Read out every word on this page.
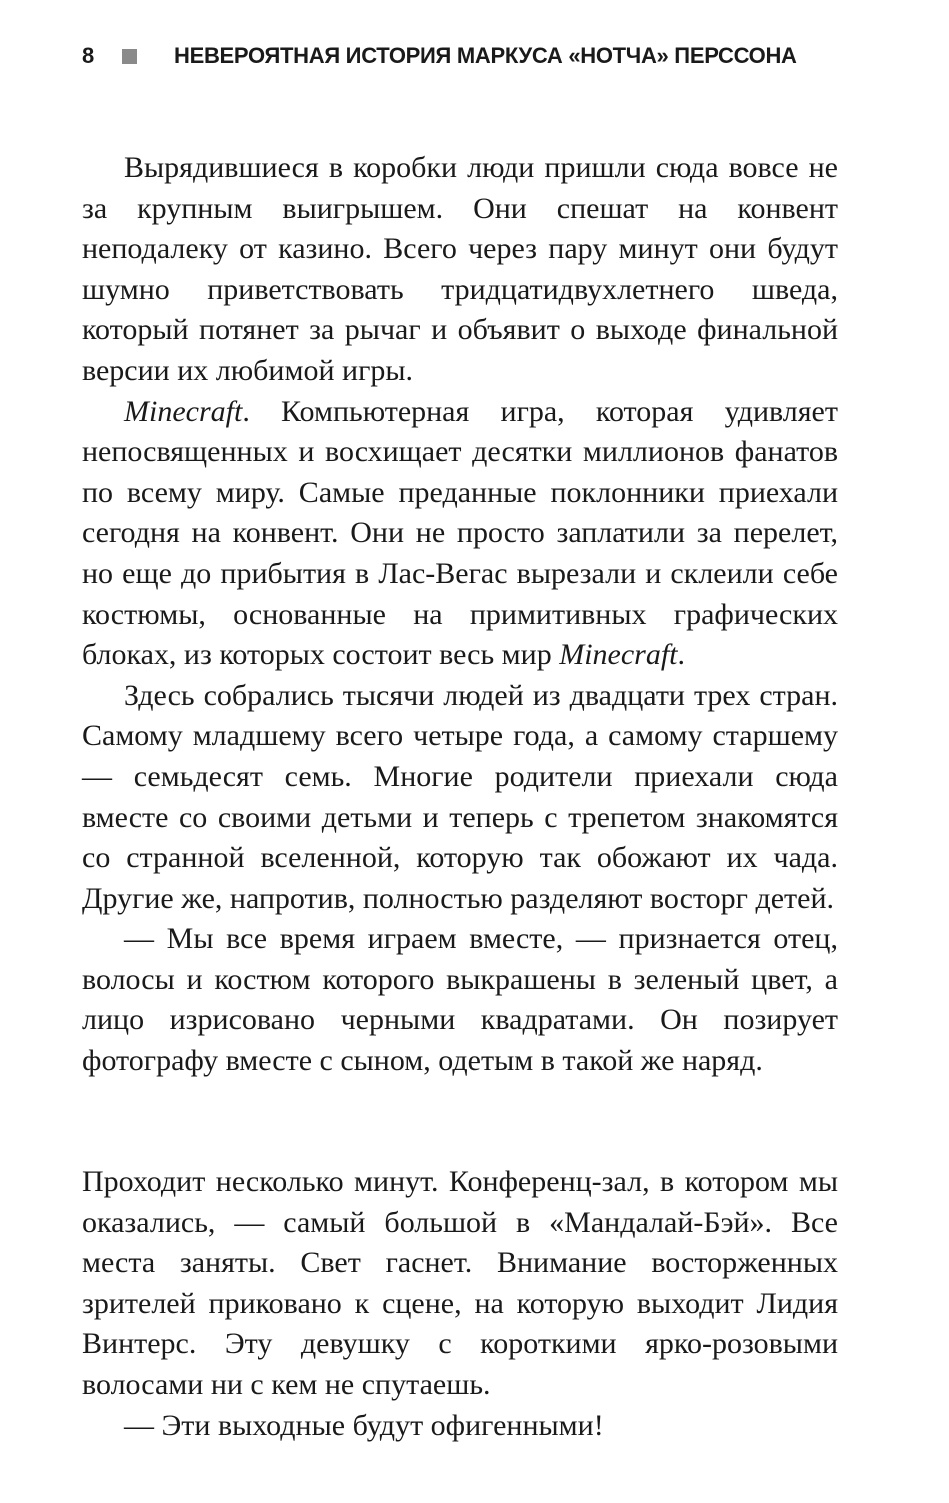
8	НЕВЕРОЯТНАЯ ИСТОРИЯ МАРКУСА «НОТЧА» ПЕРССОНА

Вырядившиеся в коробки люди пришли сюда вовсе не за крупным выигрышем. Они спешат на конвент неподалеку от казино. Всего через пару минут они будут шумно приветствовать тридцатидвухлетнего шведа, который потянет за рычаг и объявит о выходе финальной версии их любимой игры.

Minecraft. Компьютерная игра, которая удивляет непосвященных и восхищает десятки миллионов фанатов по всему миру. Самые преданные поклонники приехали сегодня на конвент. Они не просто заплатили за перелет, но еще до прибытия в Лас-Вегас вырезали и склеили себе костюмы, основанные на примитивных графических блоках, из которых состоит весь мир Minecraft.

Здесь собрались тысячи людей из двадцати трех стран. Самому младшему всего четыре года, а самому старшему — семьдесят семь. Многие родители приехали сюда вместе со своими детьми и теперь с трепетом знакомятся со странной вселенной, которую так обожают их чада. Другие же, напротив, полностью разделяют восторг детей.

— Мы все время играем вместе, — признается отец, волосы и костюм которого выкрашены в зеленый цвет, а лицо изрисовано черными квадратами. Он позирует фотографу вместе с сыном, одетым в такой же наряд.

Проходит несколько минут. Конференц-зал, в котором мы оказались, — самый большой в «Мандалай-Бэй». Все места заняты. Свет гаснет. Внимание восторженных зрителей приковано к сцене, на которую выходит Лидия Винтерс. Эту девушку с короткими ярко-розовыми волосами ни с кем не спутаешь.

— Эти выходные будут офигенными!
